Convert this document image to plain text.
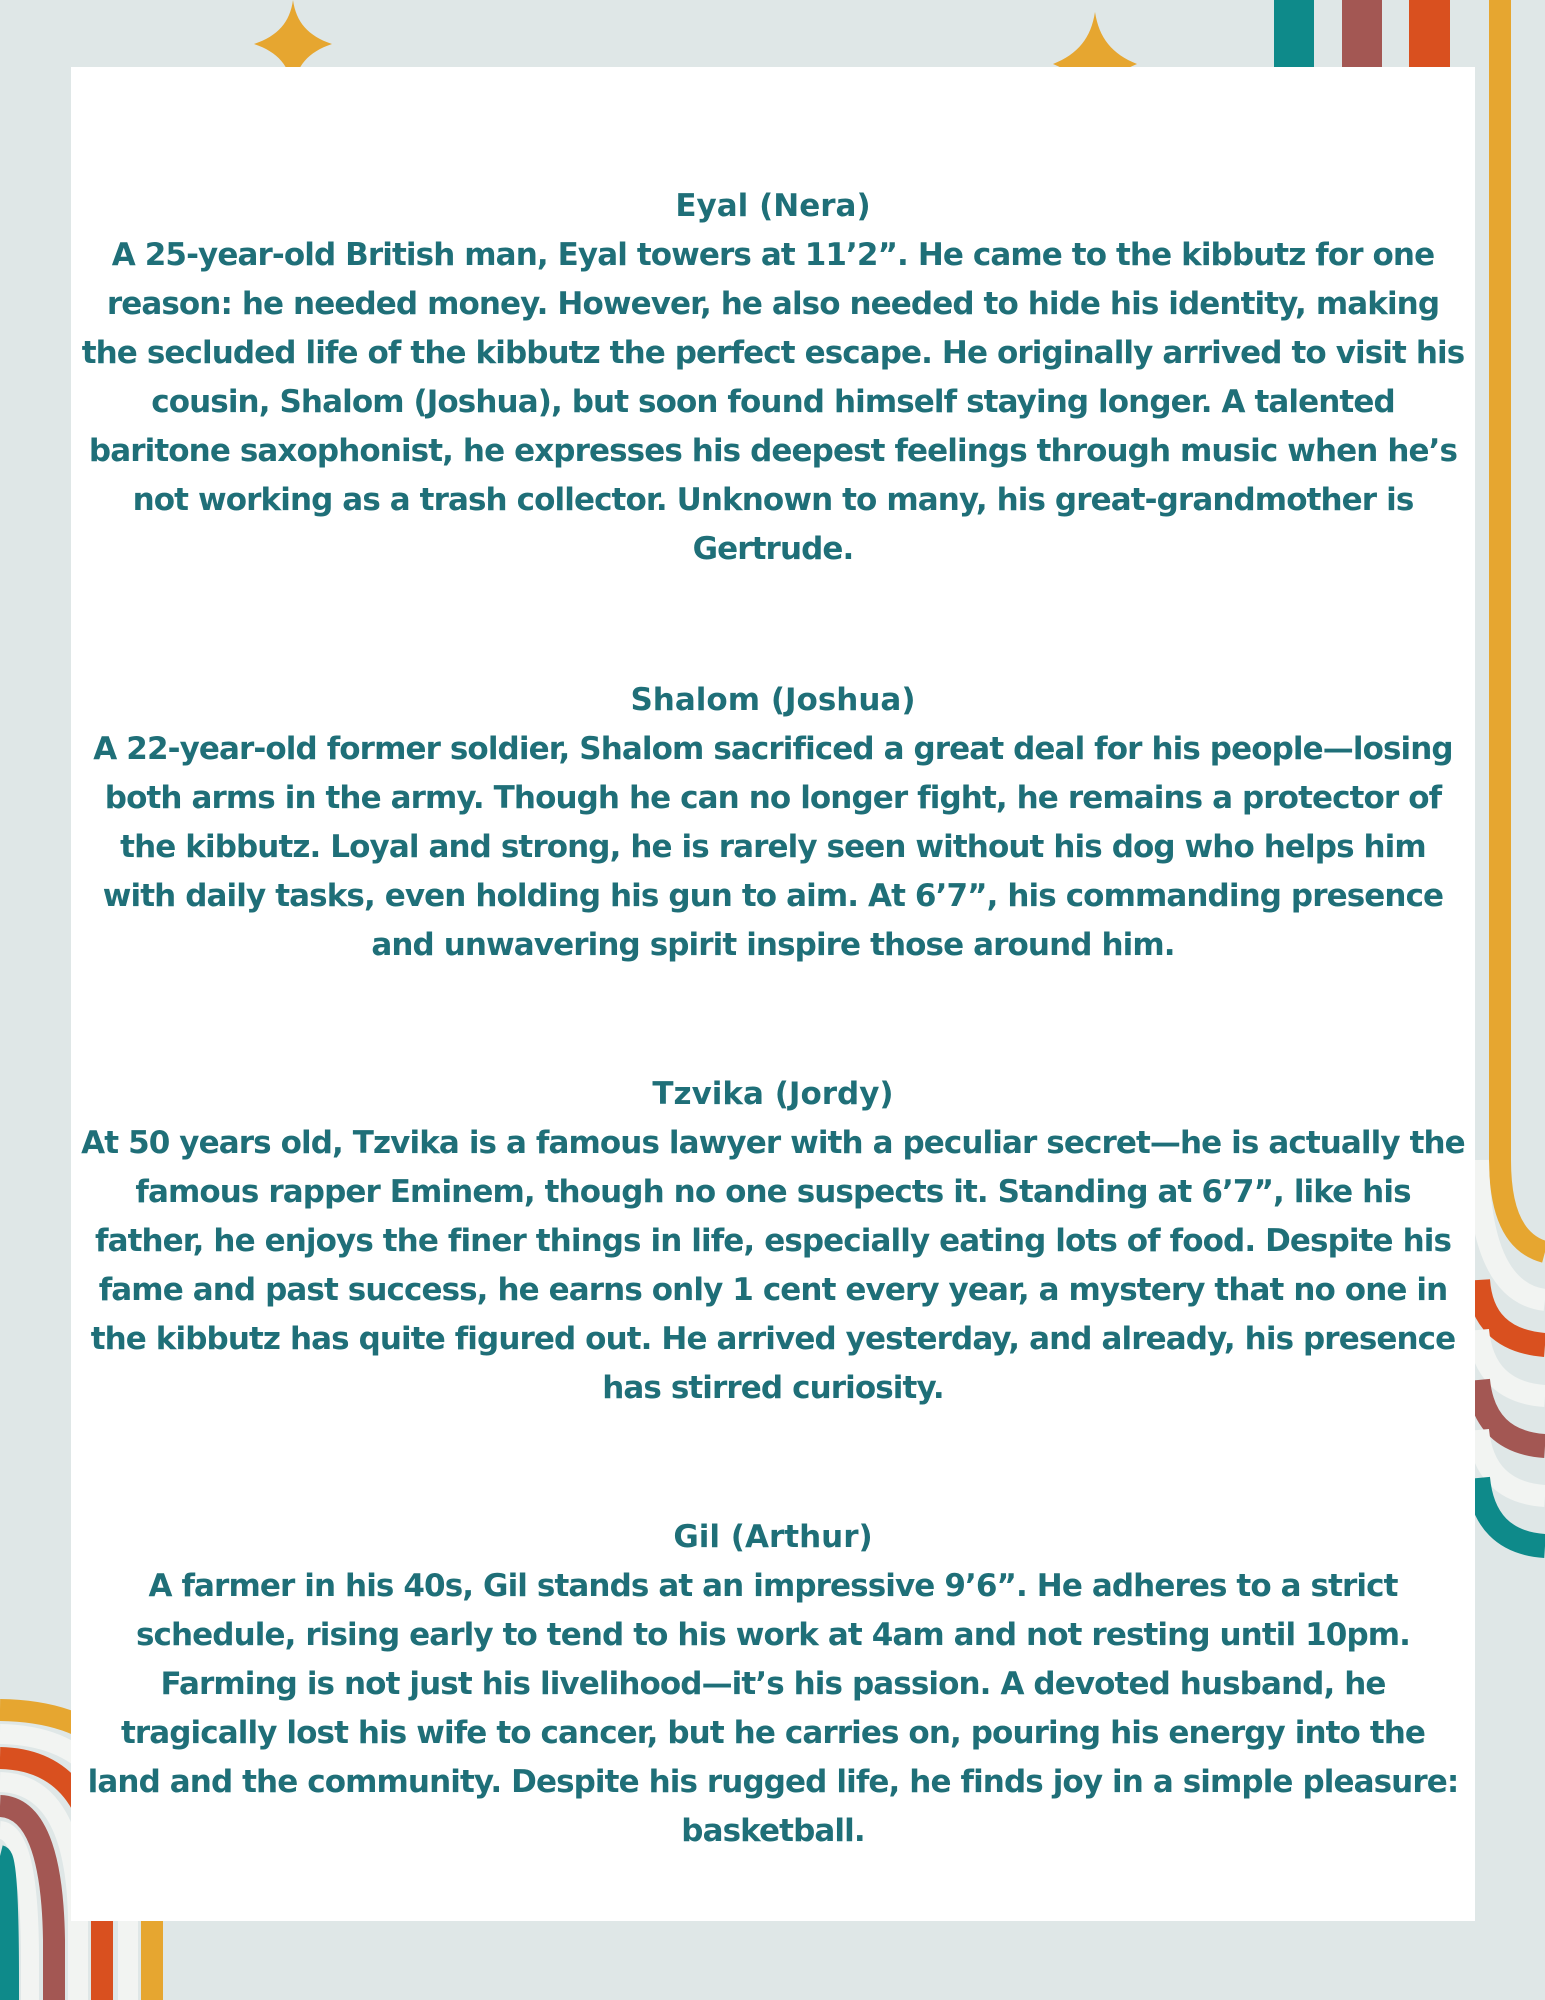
Eyal (Nera)

A 25-year-old British man, Eyal towers at 11’2”. He came to the kibbutz for one reason: he needed money. However, he also needed to hide his identity, making the secluded life of the kibbutz the perfect escape. He originally arrived to visit his cousin, Shalom (Joshua), but soon found himself staying longer. A talented baritone saxophonist, he expresses his deepest feelings through music when he’s not working as a trash collector. Unknown to many, his great-grandmother is Gertrude.

Shalom (Joshua)

A 22-year-old former soldier, Shalom sacrificed a great deal for his people—losing both arms in the army. Though he can no longer fight, he remains a protector of the kibbutz. Loyal and strong, he is rarely seen without his dog who helps him with daily tasks, even holding his gun to aim. At 6’7”, his commanding presence and unwavering spirit inspire those around him.

Tzvika (Jordy)

At 50 years old, Tzvika is a famous lawyer with a peculiar secret—he is actually the famous rapper Eminem, though no one suspects it. Standing at 6’7”, like his father, he enjoys the finer things in life, especially eating lots of food. Despite his fame and past success, he earns only 1 cent every year, a mystery that no one in the kibbutz has quite figured out. He arrived yesterday, and already, his presence has stirred curiosity.

Gil (Arthur)

A farmer in his 40s, Gil stands at an impressive 9’6”. He adheres to a strict schedule, rising early to tend to his work at 4am and not resting until 10pm. Farming is not just his livelihood—it’s his passion. A devoted husband, he tragically lost his wife to cancer, but he carries on, pouring his energy into the land and the community. Despite his rugged life, he finds joy in a simple pleasure: basketball.
